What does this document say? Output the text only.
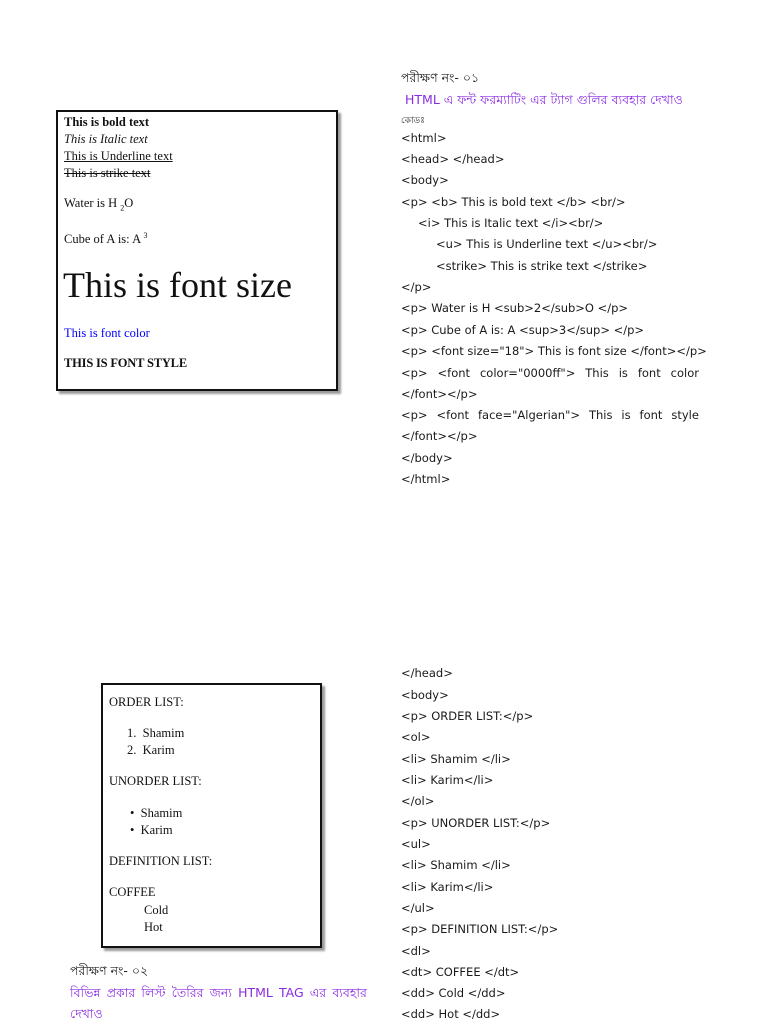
পরীক্ষণ নং- ০১
HTML এ ফন্ট ফরম্যাটিং এর ট্যাগ গুলির ব্যবহার দেখাও
কোডঃ
This is bold text
This is Italic text
This is Underline text
This is strike text
Water is H $_2$O
Cube of A is: A $^3$
This is font size
This is font color
THIS IS FONT STYLE
<html>
<head> </head>
<body>
<p> <b> This is bold text </b> <br/>
<i> This is Italic text </i><br/>
<u> This is Underline text </u><br/>
<strike> This is strike text </strike>
</p>
<p> Water is H <sub>2</sub>O </p>
<p> Cube of A is: A <sup>3</sup> </p>
<p> <font size="18"> This is font size </font></p>
<p> <font color="0000ff"> This is font color
</font></p>
<p> <font face="Algerian"> This is font style
</font></p>
</body>
</html>
ORDER LIST:
1. Shamim
2. Karim
UNORDER LIST:
• Shamim
• Karim
DEFINITION LIST:
COFFEE
Cold
Hot
পরীক্ষণ নং- ০২
বিভিন্ন প্রকার লিস্ট তৈরির জন্য HTML TAG এর ব্যবহার
দেখাও
</head>
<body>
<p> ORDER LIST:</p>
<ol>
<li> Shamim </li>
<li> Karim</li>
</ol>
<p> UNORDER LIST:</p>
<ul>
<li> Shamim </li>
<li> Karim</li>
</ul>
<p> DEFINITION LIST:</p>
<dl>
<dt> COFFEE </dt>
<dd> Cold </dd>
<dd> Hot </dd>
